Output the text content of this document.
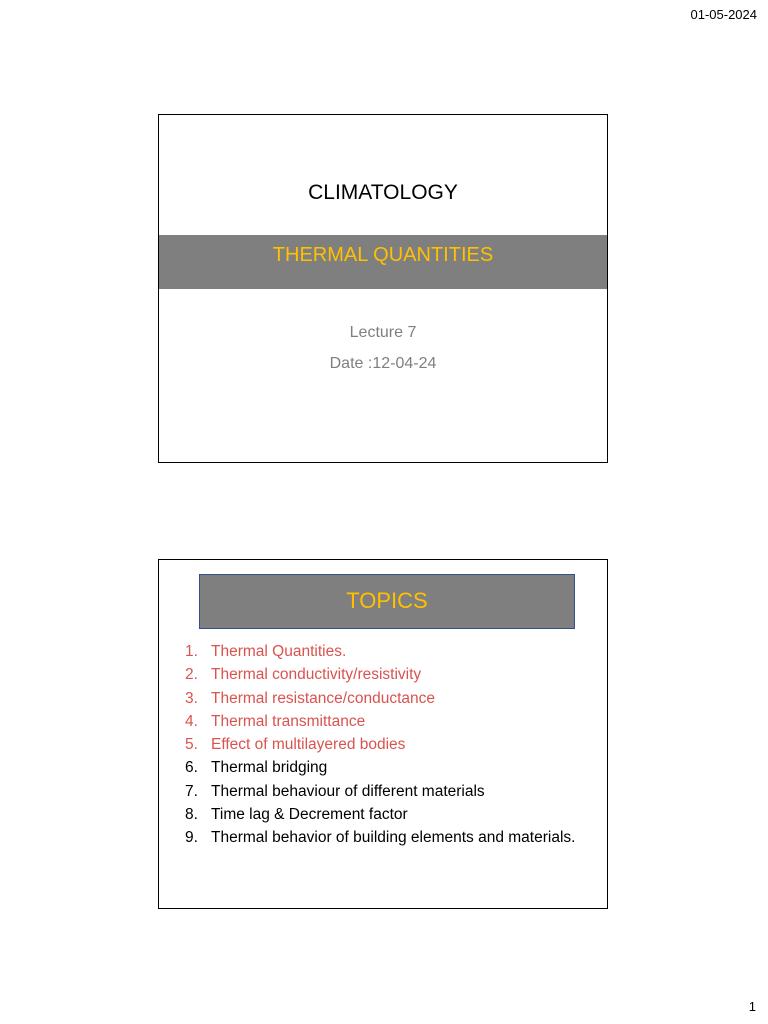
01-05-2024
CLIMATOLOGY
THERMAL QUANTITIES
Lecture 7
Date :12-04-24
TOPICS
1. Thermal Quantities.
2. Thermal conductivity/resistivity
3. Thermal resistance/conductance
4. Thermal transmittance
5. Effect of multilayered bodies
6. Thermal bridging
7. Thermal behaviour of different materials
8. Time lag & Decrement factor
9. Thermal behavior of building elements and materials.
1
